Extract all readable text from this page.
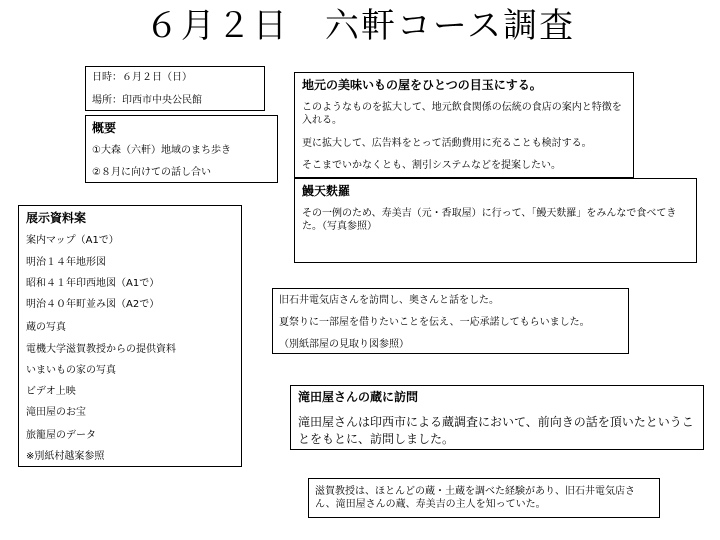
６月２日　六軒コース調査
日時：６月２日（日）
場所：印西市中央公民館
概要
①大森（六軒）地域のまち歩き
②８月に向けての話し合い
地元の美味いもの屋をひとつの目玉にする。
このようなものを拡大して、地元飲食関係の伝統の食店の案内と特徴を入れる。
更に拡大して、広告料をとって活動費用に充ることも検討する。
そこまでいかなくとも、割引システムなどを提案したい。
鰻天麩羅
その一例のため、寿美吉（元・香取屋）に行って、「鰻天麩羅」をみんなで食べてきた。（写真参照）
展示資料案
案内マップ（A1で）
明治１４年地形図
昭和４１年印西地図（A1で）
明治４０年町並み図（A2で）
蔵の写真
電機大学滋賀教授からの提供資料
いまいもの家の写真
ビデオ上映
滝田屋のお宝
旅籠屋のデータ
※別紙村越案参照
旧石井電気店さんを訪問し、奥さんと話をした。
夏祭りに一部屋を借りたいことを伝え、一応承諾してもらいました。
（別紙部屋の見取り図参照）
滝田屋さんの蔵に訪問
滝田屋さんは印西市による蔵調査において、前向きの話を頂いたということをもとに、訪問しました。
滋賀教授は、ほとんどの蔵・土蔵を調べた経験があり、旧石井電気店さん、滝田屋さんの蔵、寿美吉の主人を知っていた。
